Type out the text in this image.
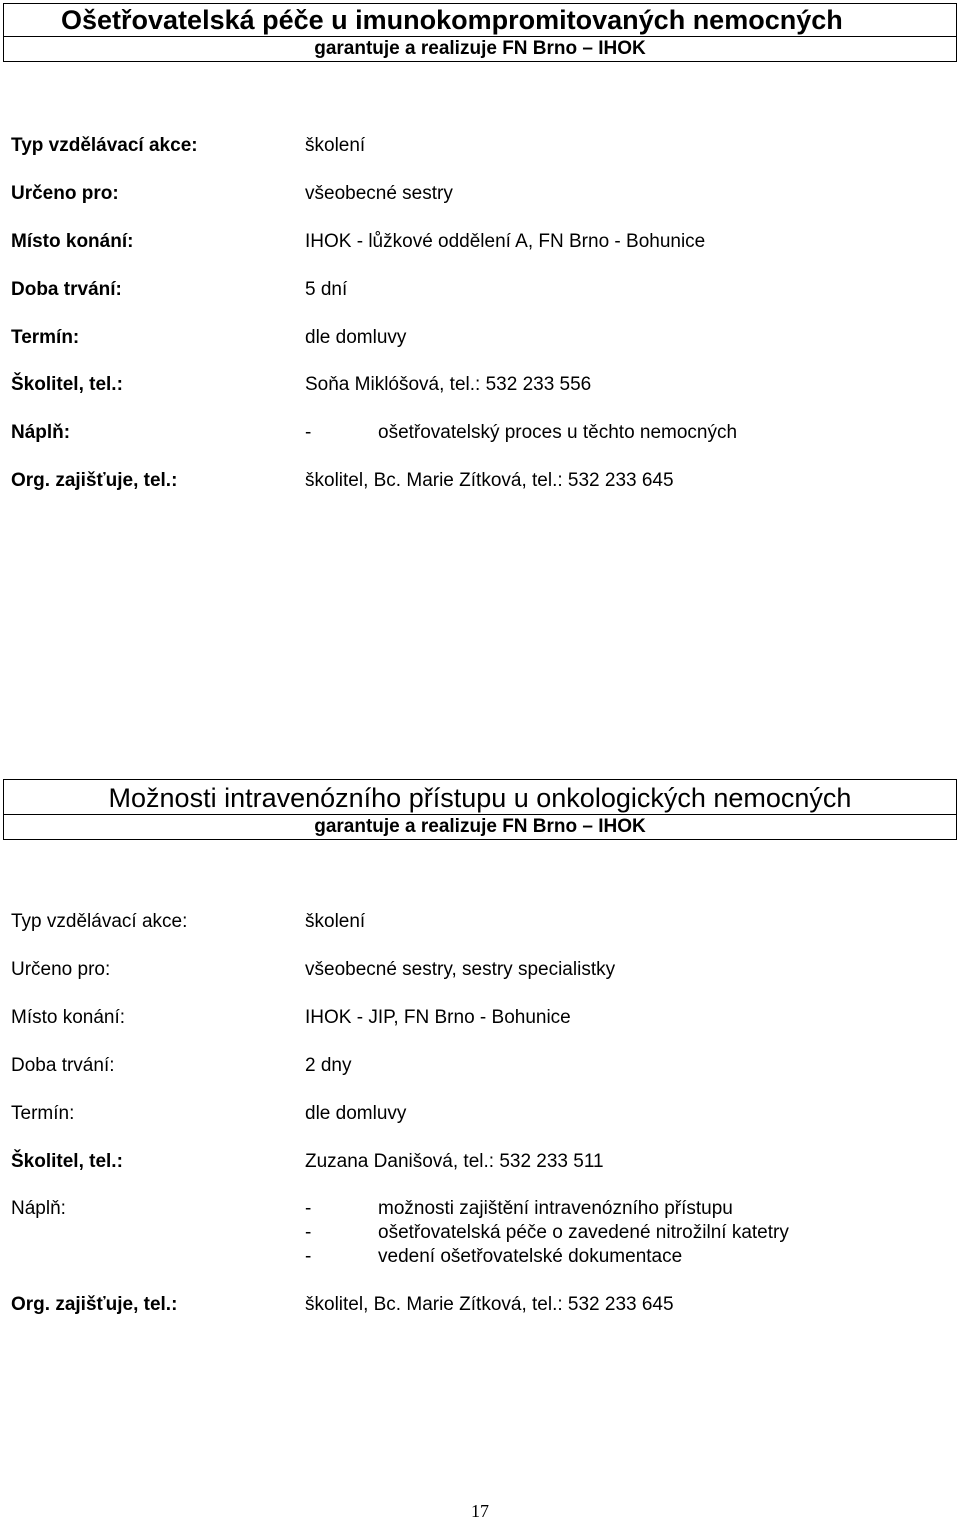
Ošetřovatelská péče u imunokompromitovaných nemocných

garantuje a realizuje FN Brno – IHOK

Typ vzdělávací akce:	školení
Určeno pro:	všeobecné sestry
Místo konání:	IHOK - lůžkové oddělení A, FN Brno - Bohunice
Doba trvání:	5 dní
Termín:	dle domluvy
Školitel, tel.:	Soňa Miklóšová, tel.: 532 233 556
Náplň:	-	ošetřovatelský proces u těchto nemocných
Org. zajišťuje, tel.:	školitel, Bc. Marie Zítková, tel.: 532 233 645

Možnosti intravenózního přístupu u onkologických nemocných

garantuje a realizuje FN Brno – IHOK

Typ vzdělávací akce:	školení
Určeno pro:	všeobecné sestry, sestry specialistky
Místo konání:	IHOK - JIP, FN Brno - Bohunice
Doba trvání:	2 dny
Termín:	dle domluvy
Školitel, tel.:	Zuzana Danišová, tel.: 532 233 511
Náplň:	-	možnosti zajištění intravenózního přístupu
-	ošetřovatelská péče o zavedené nitrožilní katetry
-	vedení ošetřovatelské dokumentace
Org. zajišťuje, tel.:	školitel, Bc. Marie Zítková, tel.: 532 233 645
17
